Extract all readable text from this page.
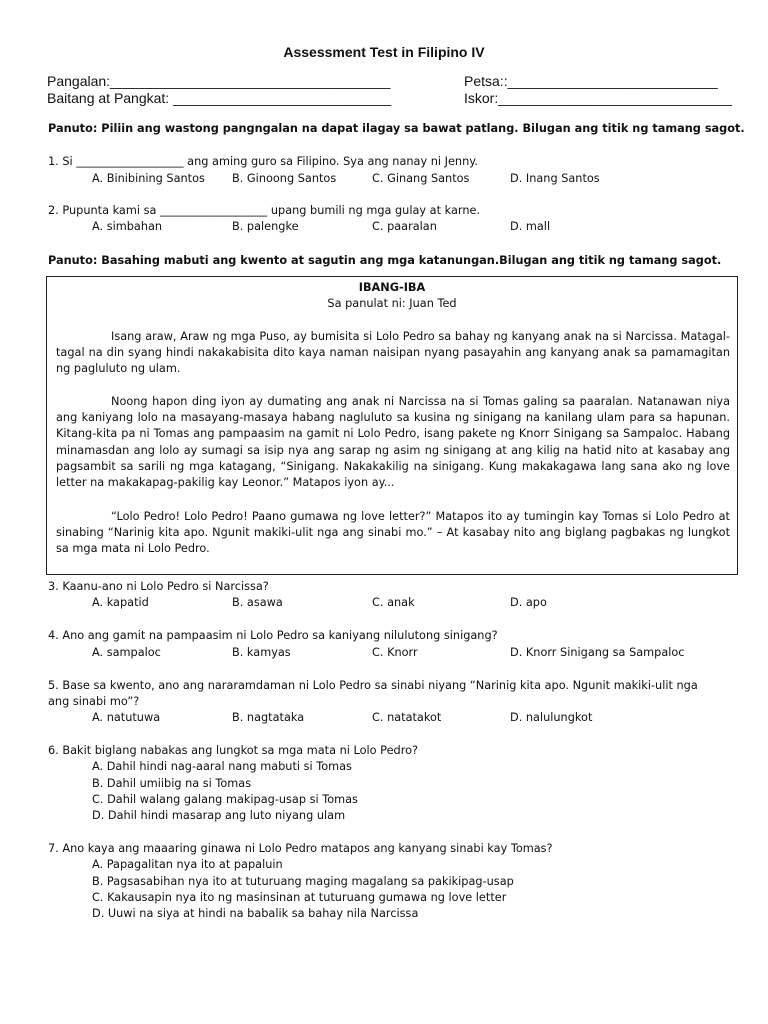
Assessment Test in Filipino IV
Pangalan:____________________________________
Baitang at Pangkat: ____________________________
Petsa::___________________________
Iskor:______________________________
Panuto: Piliin ang wastong pangngalan na dapat ilagay sa bawat patlang. Bilugan ang titik ng tamang sagot.
1. Si ___________________ ang aming guro sa Filipino. Sya ang nanay ni Jenny.
A. Binibining Santos B. Ginoong Santos	C. Ginang Santos	D. Inang Santos
2. Pupunta kami sa ___________________ upang bumili ng mga gulay at karne.
A. simbahan	B. palengke	C. paaralan	D. mall
Panuto: Basahing mabuti ang kwento at sagutin ang mga katanungan.Bilugan ang titik ng tamang sagot.
IBANG-IBA
Sa panulat ni: Juan Ted

Isang araw, Araw ng mga Puso, ay bumisita si Lolo Pedro sa bahay ng kanyang anak na si Narcissa. Matagal-tagal na din syang hindi nakakabisita dito kaya naman naisipan nyang pasayahin ang kanyang anak sa pamamagitan ng pagluluto ng ulam.

Noong hapon ding iyon ay dumating ang anak ni Narcissa na si Tomas galing sa paaralan. Natanawan niya ang kaniyang lolo na masayang-masaya habang nagluluto sa kusina ng sinigang na kanilang ulam para sa hapunan. Kitang-kita pa ni Tomas ang pampaasim na gamit ni Lolo Pedro, isang pakete ng Knorr Sinigang sa Sampaloc. Habang minamasdan ang lolo ay sumagi sa isip nya ang sarap ng asim ng sinigang at ang kilig na hatid nito at kasabay ang pagsambit sa sarili ng mga katagang, “Sinigang. Nakakakilig na sinigang. Kung makakagawa lang sana ako ng love letter na makakapag-pakilig kay Leonor.” Matapos iyon ay...

“Lolo Pedro! Lolo Pedro! Paano gumawa ng love letter?” Matapos ito ay tumingin kay Tomas si Lolo Pedro at sinabing “Narinig kita apo. Ngunit makiki-ulit nga ang sinabi mo.” – At kasabay nito ang biglang pagbakas ng lungkot sa mga mata ni Lolo Pedro.

3. Kaanu-ano ni Lolo Pedro si Narcissa?
A. kapatid	B. asawa	C. anak	D. apo
4. Ano ang gamit na pampaasim ni Lolo Pedro sa kaniyang nilulutong sinigang?
A. sampaloc	B. kamyas	C. Knorr	D. Knorr Sinigang sa Sampaloc
5. Base sa kwento, ano ang nararamdaman ni Lolo Pedro sa sinabi niyang “Narinig kita apo. Ngunit makiki-ulit nga
ang sinabi mo”?
A. natutuwa	B. nagtataka	C. natatakot	D. nalulungkot
6. Bakit biglang nabakas ang lungkot sa mga mata ni Lolo Pedro?
A. Dahil hindi nag-aaral nang mabuti si Tomas
B. Dahil umiibig na si Tomas
C. Dahil walang galang makipag-usap si Tomas
D. Dahil hindi masarap ang luto niyang ulam
7. Ano kaya ang maaaring ginawa ni Lolo Pedro matapos ang kanyang sinabi kay Tomas?
A. Papagalitan nya ito at papaluin
B. Pagsasabihan nya ito at tuturuang maging magalang sa pakikipag-usap
C. Kakausapin nya ito ng masinsinan at tuturuang gumawa ng love letter
D. Uuwi na siya at hindi na babalik sa bahay nila Narcissa
